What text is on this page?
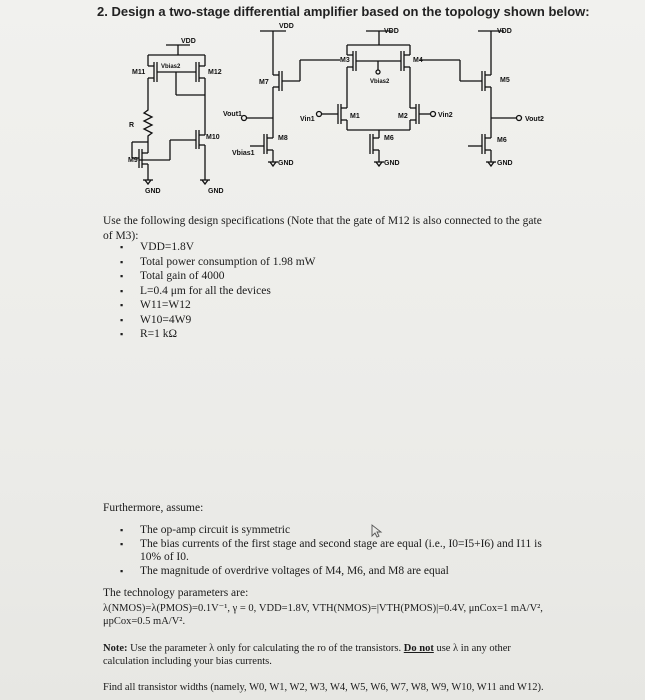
2. Design a two-stage differential amplifier based on the topology shown below:
VDD
M11	M12
Vbias2
R
M10
M9
GND	GND
VDD
M7
Vout1
M8
Vbias1
GND
VDD
M3	M4
Vbias2
Vin1	M1	M2	Vin2
M6
GND
VDD
M5
Vout2
M6
GND
Use the following design specifications (Note that the gate of M12 is also connected to the gate of M3):
▪ VDD=1.8V
▪ Total power consumption of 1.98 mW
▪ Total gain of 4000
▪ L=0.4 μm for all the devices
▪ W11=W12
▪ W10=4W9
▪ R=1 kΩ
Furthermore, assume:
▪ The op-amp circuit is symmetric
▪ The bias currents of the first stage and second stage are equal (i.e., I0=I5+I6) and I11 is 10% of I0.
▪ The magnitude of overdrive voltages of M4, M6, and M8 are equal
The technology parameters are:
λ(NMOS)=λ(PMOS)=0.1V⁻¹, γ = 0, VDD=1.8V, VTH(NMOS)=|VTH(PMOS)|=0.4V, μnCox=1 mA/V², μpCox=0.5 mA/V².
Note: Use the parameter λ only for calculating the ro of the transistors. Do not use λ in any other calculation including your bias currents.
Find all transistor widths (namely, W0, W1, W2, W3, W4, W5, W6, W7, W8, W9, W10, W11 and W12).
